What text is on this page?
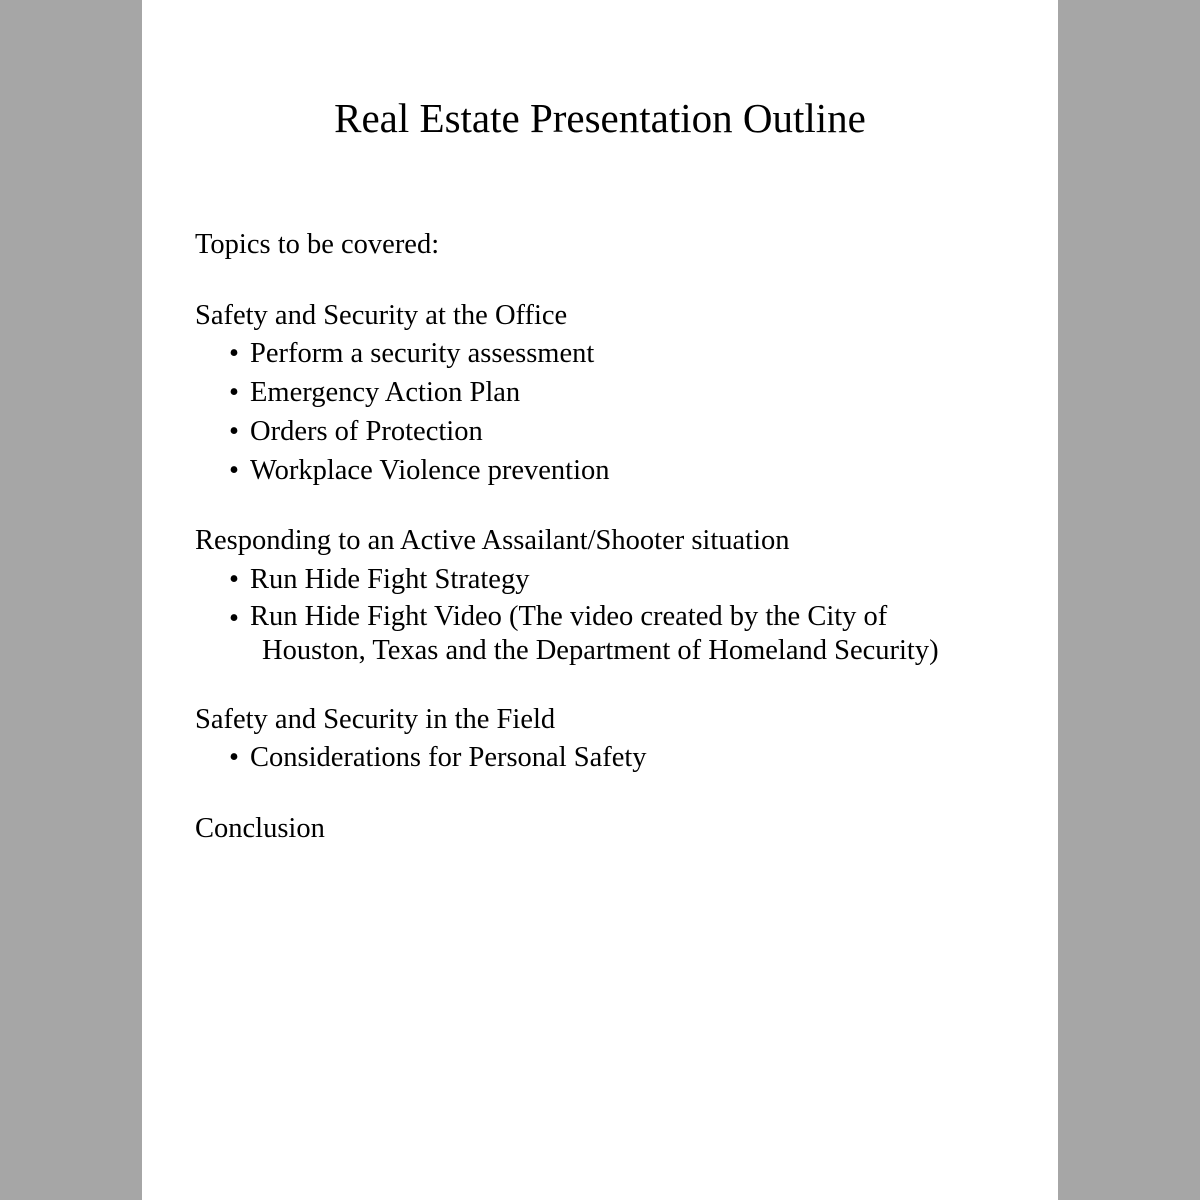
Real Estate Presentation Outline
Topics to be covered:
Safety and Security at the Office
• Perform a security assessment
• Emergency Action Plan
• Orders of Protection
• Workplace Violence prevention
Responding to an Active Assailant/Shooter situation
• Run Hide Fight Strategy
• Run Hide Fight Video (The video created by the City of
Houston, Texas and the Department of Homeland Security)
Safety and Security in the Field
• Considerations for Personal Safety
Conclusion
